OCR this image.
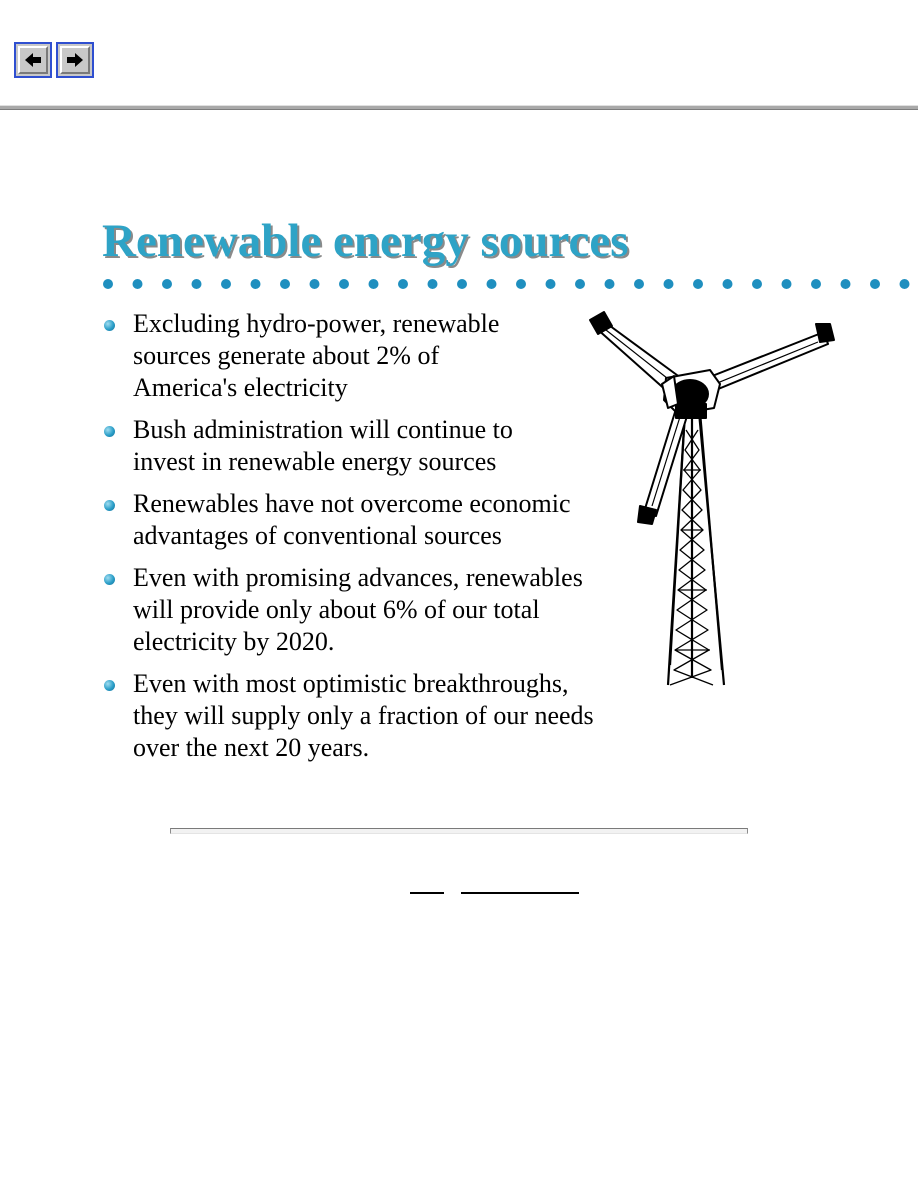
Renewable energy sources
Excluding hydro-power, renewable
sources generate about 2% of
America's electricity
Bush administration will continue to
invest in renewable energy sources
Renewables have not overcome economic
advantages of conventional sources
Even with promising advances, renewables
will provide only about 6% of our total
electricity by 2020.
Even with most optimistic breakthroughs,
they will supply only a fraction of our needs
over the next 20 years.
